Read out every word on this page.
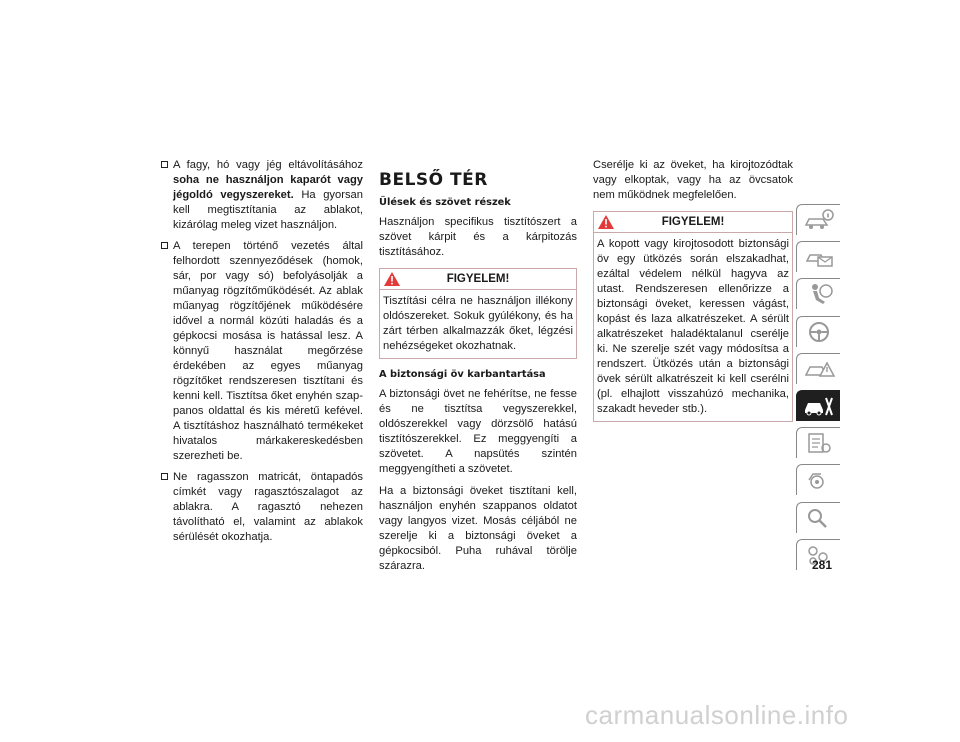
A fagy, hó vagy jég eltávolításához soha ne használjon kaparót vagy jégoldó vegyszereket. Ha gyorsan kell megtisztítania az ablakot, kizárólag meleg vizet használjon.
A terepen történő vezetés által felhordott szennyeződések (homok, sár, por vagy só) befolyásolják a műanyag rögzítőműködését. Az ablak műanyag rögzítőjének működésére idővel a normál közúti haladás és a gépkocsi mosása is hatással lesz. A könnyű használat megőrzése érdekében az egyes műanyag rögzítőket rendszeresen tisztítani és kenni kell. Tisztítsa őket enyhén szappanos oldattal és kis méretű kefével. A tisztításhoz használható termékeket hivatalos márkakereskedésben szerezheti be.
Ne ragasszon matricát, öntapadós címkét vagy ragasztószalagot az ablakra. A ragasztó nehezen távolítható el, valamint az ablakok sérülését okozhatja.
BELSŐ TÉR
Ülések és szövet részek

Használjon specifikus tisztítószert a szövet kárpit és a kárpitozás tisztításához.

FIGYELEM!
Tisztítási célra ne használjon illékony oldószereket. Sokuk gyúlékony, és ha zárt térben alkalmazzák őket, légzési nehézségeket okozhatnak.
A biztonsági öv karbantartása

A biztonsági övet ne fehérítse, ne fesse és ne tisztítsa vegyszerekkel, oldószerekkel vagy dörzsölő hatású tisztítószerekkel. Ez meggyengíti a szövetet. A napsütés szintén meggyengítheti a szövetet.

Ha a biztonsági öveket tisztítani kell, használjon enyhén szappanos oldatot vagy langyos vizet. Mosás céljából ne szerelje ki a biztonsági öveket a gépkocsiból. Puha ruhával törölje szárazra.

Cserélje ki az öveket, ha kirojtozódtak vagy elkoptak, vagy ha az övcsatok nem működnek megfelelően.

FIGYELEM!
A kopott vagy kirojtosodott biztonsági öv egy ütközés során elszakadhat, ezáltal védelem nélkül hagyva az utast. Rendszeresen ellenőrizze a biztonsági öveket, keressen vágást, kopást és laza alkatrészeket. A sérült alkatrészeket haladéktalanul cserélje ki. Ne szerelje szét vagy módosítsa a rendszert. Ütközés után a biztonsági övek sérült alkatrészeit ki kell cserélni (pl. elhajlott visszahúzó mechanika, szakadt heveder stb.).
281
carmanualsonline.info
